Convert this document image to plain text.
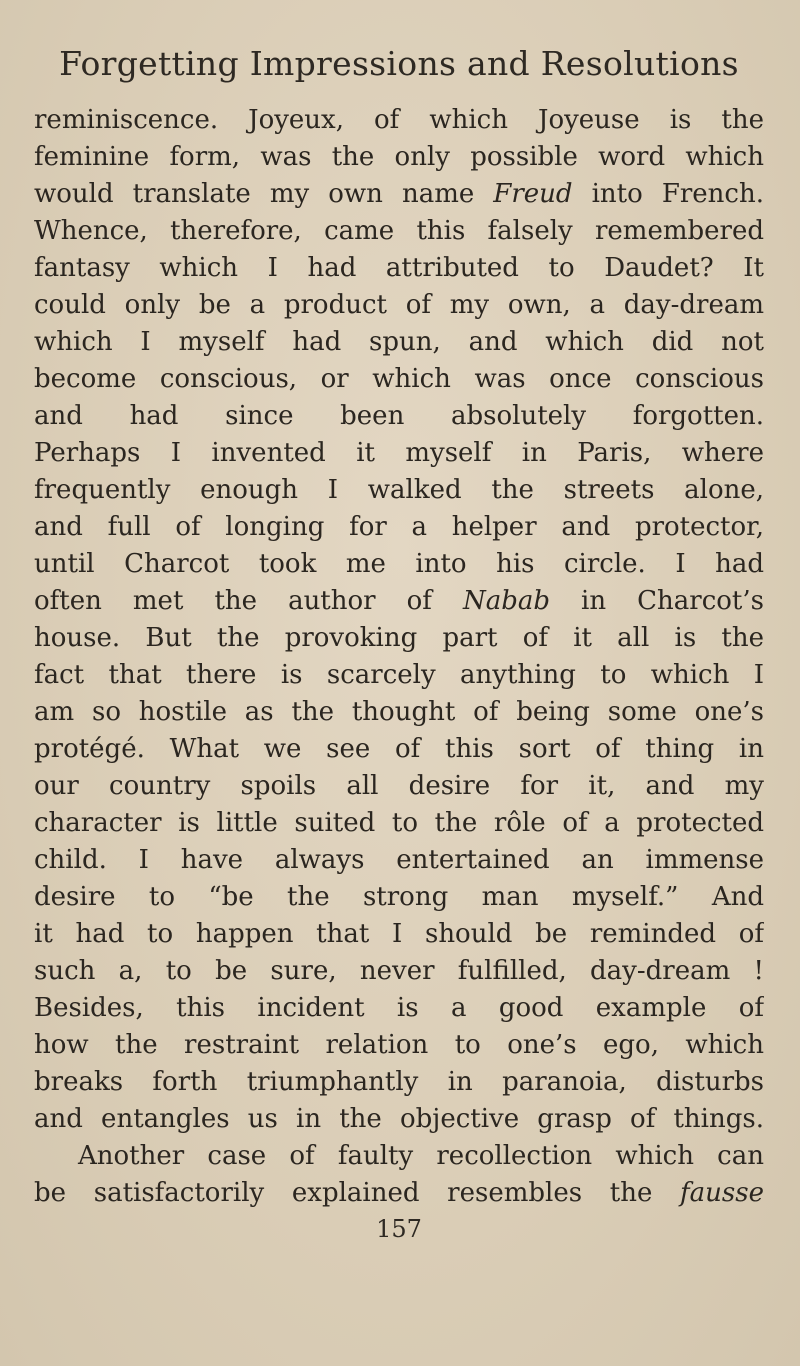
Forgetting Impressions and Resolutions
reminiscence. Joyeux, of which Joyeuse is the
feminine form, was the only possible word which
would translate my own name Freud into French.
Whence, therefore, came this falsely remembered
fantasy which I had attributed to Daudet? It
could only be a product of my own, a day-dream
which I myself had spun, and which did not
become conscious, or which was once conscious
and had since been absolutely forgotten.
Perhaps I invented it myself in Paris, where
frequently enough I walked the streets alone,
and full of longing for a helper and protector,
until Charcot took me into his circle. I had
often met the author of Nabab in Charcot’s
house. But the provoking part of it all is the
fact that there is scarcely anything to which I
am so hostile as the thought of being some one’s
protégé. What we see of this sort of thing in
our country spoils all desire for it, and my
character is little suited to the rôle of a protected
child. I have always entertained an immense
desire to “be the strong man myself.” And
it had to happen that I should be reminded of
such a, to be sure, never fulfilled, day-dream !
Besides, this incident is a good example of
how the restraint relation to one’s ego, which
breaks forth triumphantly in paranoia, disturbs
and entangles us in the objective grasp of things.
Another case of faulty recollection which can
be satisfactorily explained resembles the fausse
157
